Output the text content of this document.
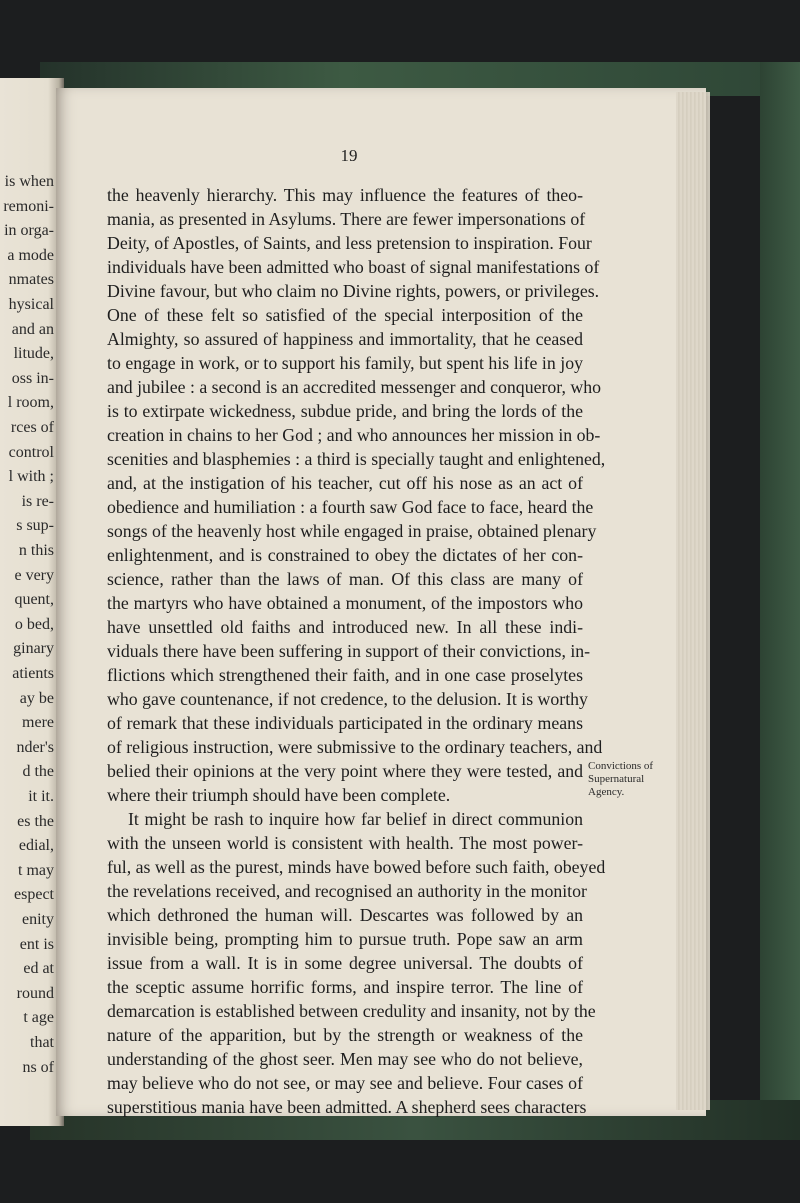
is when
remoni-
in orga-
a mode
nmates
hysical
and an
litude,
oss in-
l room,
rces of
control
l with ;
is re-
s sup-
n this
e very
quent,
o bed,
ginary
atients
ay be
mere
nder's
d the
it it.
es the
edial,
t may
espect
enity
ent is
ed at
round
t age
that
ns of
19

the heavenly hierarchy. This may influence the features of theo-

mania, as presented in Asylums. There are fewer impersonations of

Deity, of Apostles, of Saints, and less pretension to inspiration. Four

individuals have been admitted who boast of signal manifestations of

Divine favour, but who claim no Divine rights, powers, or privileges.

One of these felt so satisfied of the special interposition of the

Almighty, so assured of happiness and immortality, that he ceased

to engage in work, or to support his family, but spent his life in joy

and jubilee : a second is an accredited messenger and conqueror, who

is to extirpate wickedness, subdue pride, and bring the lords of the

creation in chains to her God ; and who announces her mission in ob-

scenities and blasphemies : a third is specially taught and enlightened,

and, at the instigation of his teacher, cut off his nose as an act of

obedience and humiliation : a fourth saw God face to face, heard the

songs of the heavenly host while engaged in praise, obtained plenary

enlightenment, and is constrained to obey the dictates of her con-

science, rather than the laws of man. Of this class are many of

the martyrs who have obtained a monument, of the impostors who

have unsettled old faiths and introduced new. In all these indi-

viduals there have been suffering in support of their convictions, in-

flictions which strengthened their faith, and in one case proselytes

who gave countenance, if not credence, to the delusion. It is worthy

of remark that these individuals participated in the ordinary means

of religious instruction, were submissive to the ordinary teachers, and

belied their opinions at the very point where they were tested, and

where their triumph should have been complete.

It might be rash to inquire how far belief in direct communion

with the unseen world is consistent with health. The most power-

ful, as well as the purest, minds have bowed before such faith, obeyed

the revelations received, and recognised an authority in the monitor

which dethroned the human will. Descartes was followed by an

invisible being, prompting him to pursue truth. Pope saw an arm

issue from a wall. It is in some degree universal. The doubts of

the sceptic assume horrific forms, and inspire terror. The line of

demarcation is established between credulity and insanity, not by the

nature of the apparition, but by the strength or weakness of the

understanding of the ghost seer. Men may see who do not believe,

may believe who do not see, or may see and believe. Four cases of

superstitious mania have been admitted. A shepherd sees characters

Convictions of
Supernatural
Agency.
